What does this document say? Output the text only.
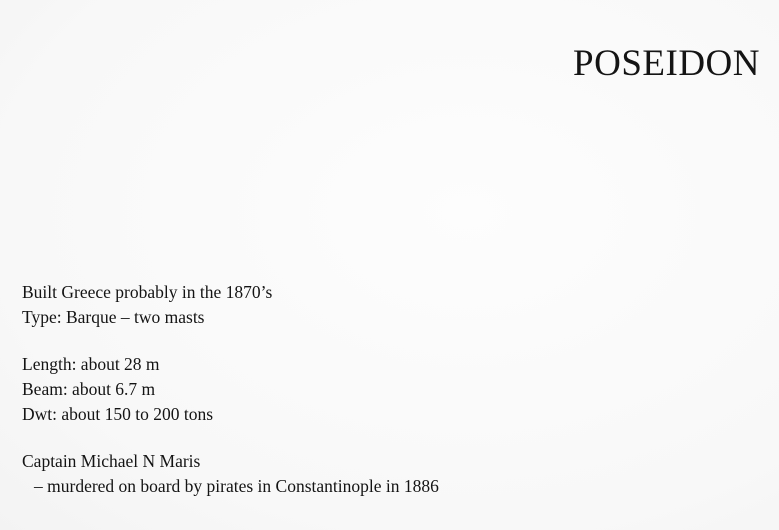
POSEIDON
Built Greece probably in the 1870’s
Type: Barque – two masts
Length: about 28 m
Beam: about 6.7 m
Dwt: about 150 to 200 tons
Captain Michael N Maris
– murdered on board by pirates in Constantinople in 1886
